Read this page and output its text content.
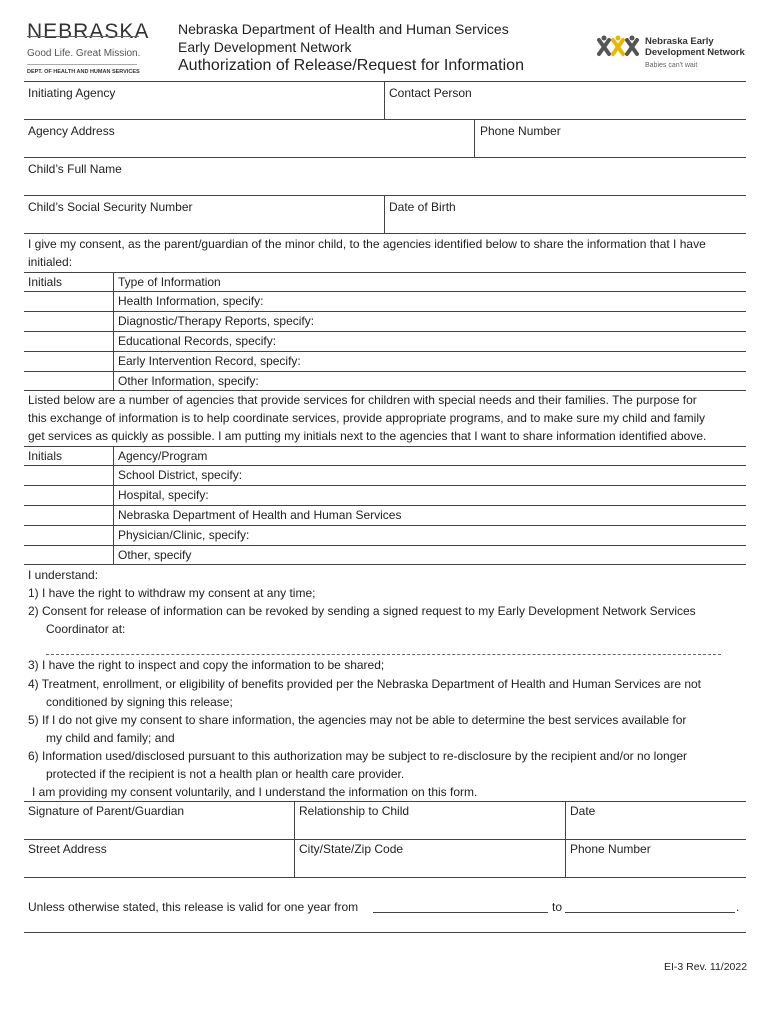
NEBRASKA
Good Life. Great Mission.
DEPT. OF HEALTH AND HUMAN SERVICES
Nebraska Department of Health and Human Services
Early Development Network
Authorization of Release/Request for Information
Nebraska Early
Development Network
Babies can't wait
Initiating Agency	Contact Person
Agency Address	Phone Number
Child’s Full Name
Child’s Social Security Number	Date of Birth
I give my consent, as the parent/guardian of the minor child, to the agencies identified below to share the information that I have
initialed:
Initials	Type of Information
Health Information, specify:
Diagnostic/Therapy Reports, specify:
Educational Records, specify:
Early Intervention Record, specify:
Other Information, specify:
Listed below are a number of agencies that provide services for children with special needs and their families. The purpose for
this exchange of information is to help coordinate services, provide appropriate programs, and to make sure my child and family
get services as quickly as possible. I am putting my initials next to the agencies that I want to share information identified above.
Initials	Agency/Program
School District, specify:
Hospital, specify:
Nebraska Department of Health and Human Services
Physician/Clinic, specify:
Other, specify
I understand:
1) I have the right to withdraw my consent at any time;
2) Consent for release of information can be revoked by sending a signed request to my Early Development Network Services
Coordinator at:
3) I have the right to inspect and copy the information to be shared;
4) Treatment, enrollment, or eligibility of benefits provided per the Nebraska Department of Health and Human Services are not
conditioned by signing this release;
5) If I do not give my consent to share information, the agencies may not be able to determine the best services available for
my child and family; and
6) Information used/disclosed pursuant to this authorization may be subject to re-disclosure by the recipient and/or no longer
protected if the recipient is not a health plan or health care provider.
I am providing my consent voluntarily, and I understand the information on this form.
Signature of Parent/Guardian	Relationship to Child	Date
Street Address	City/State/Zip Code	Phone Number
Unless otherwise stated, this release is valid for one year from	to	.
EI-3 Rev. 11/2022
